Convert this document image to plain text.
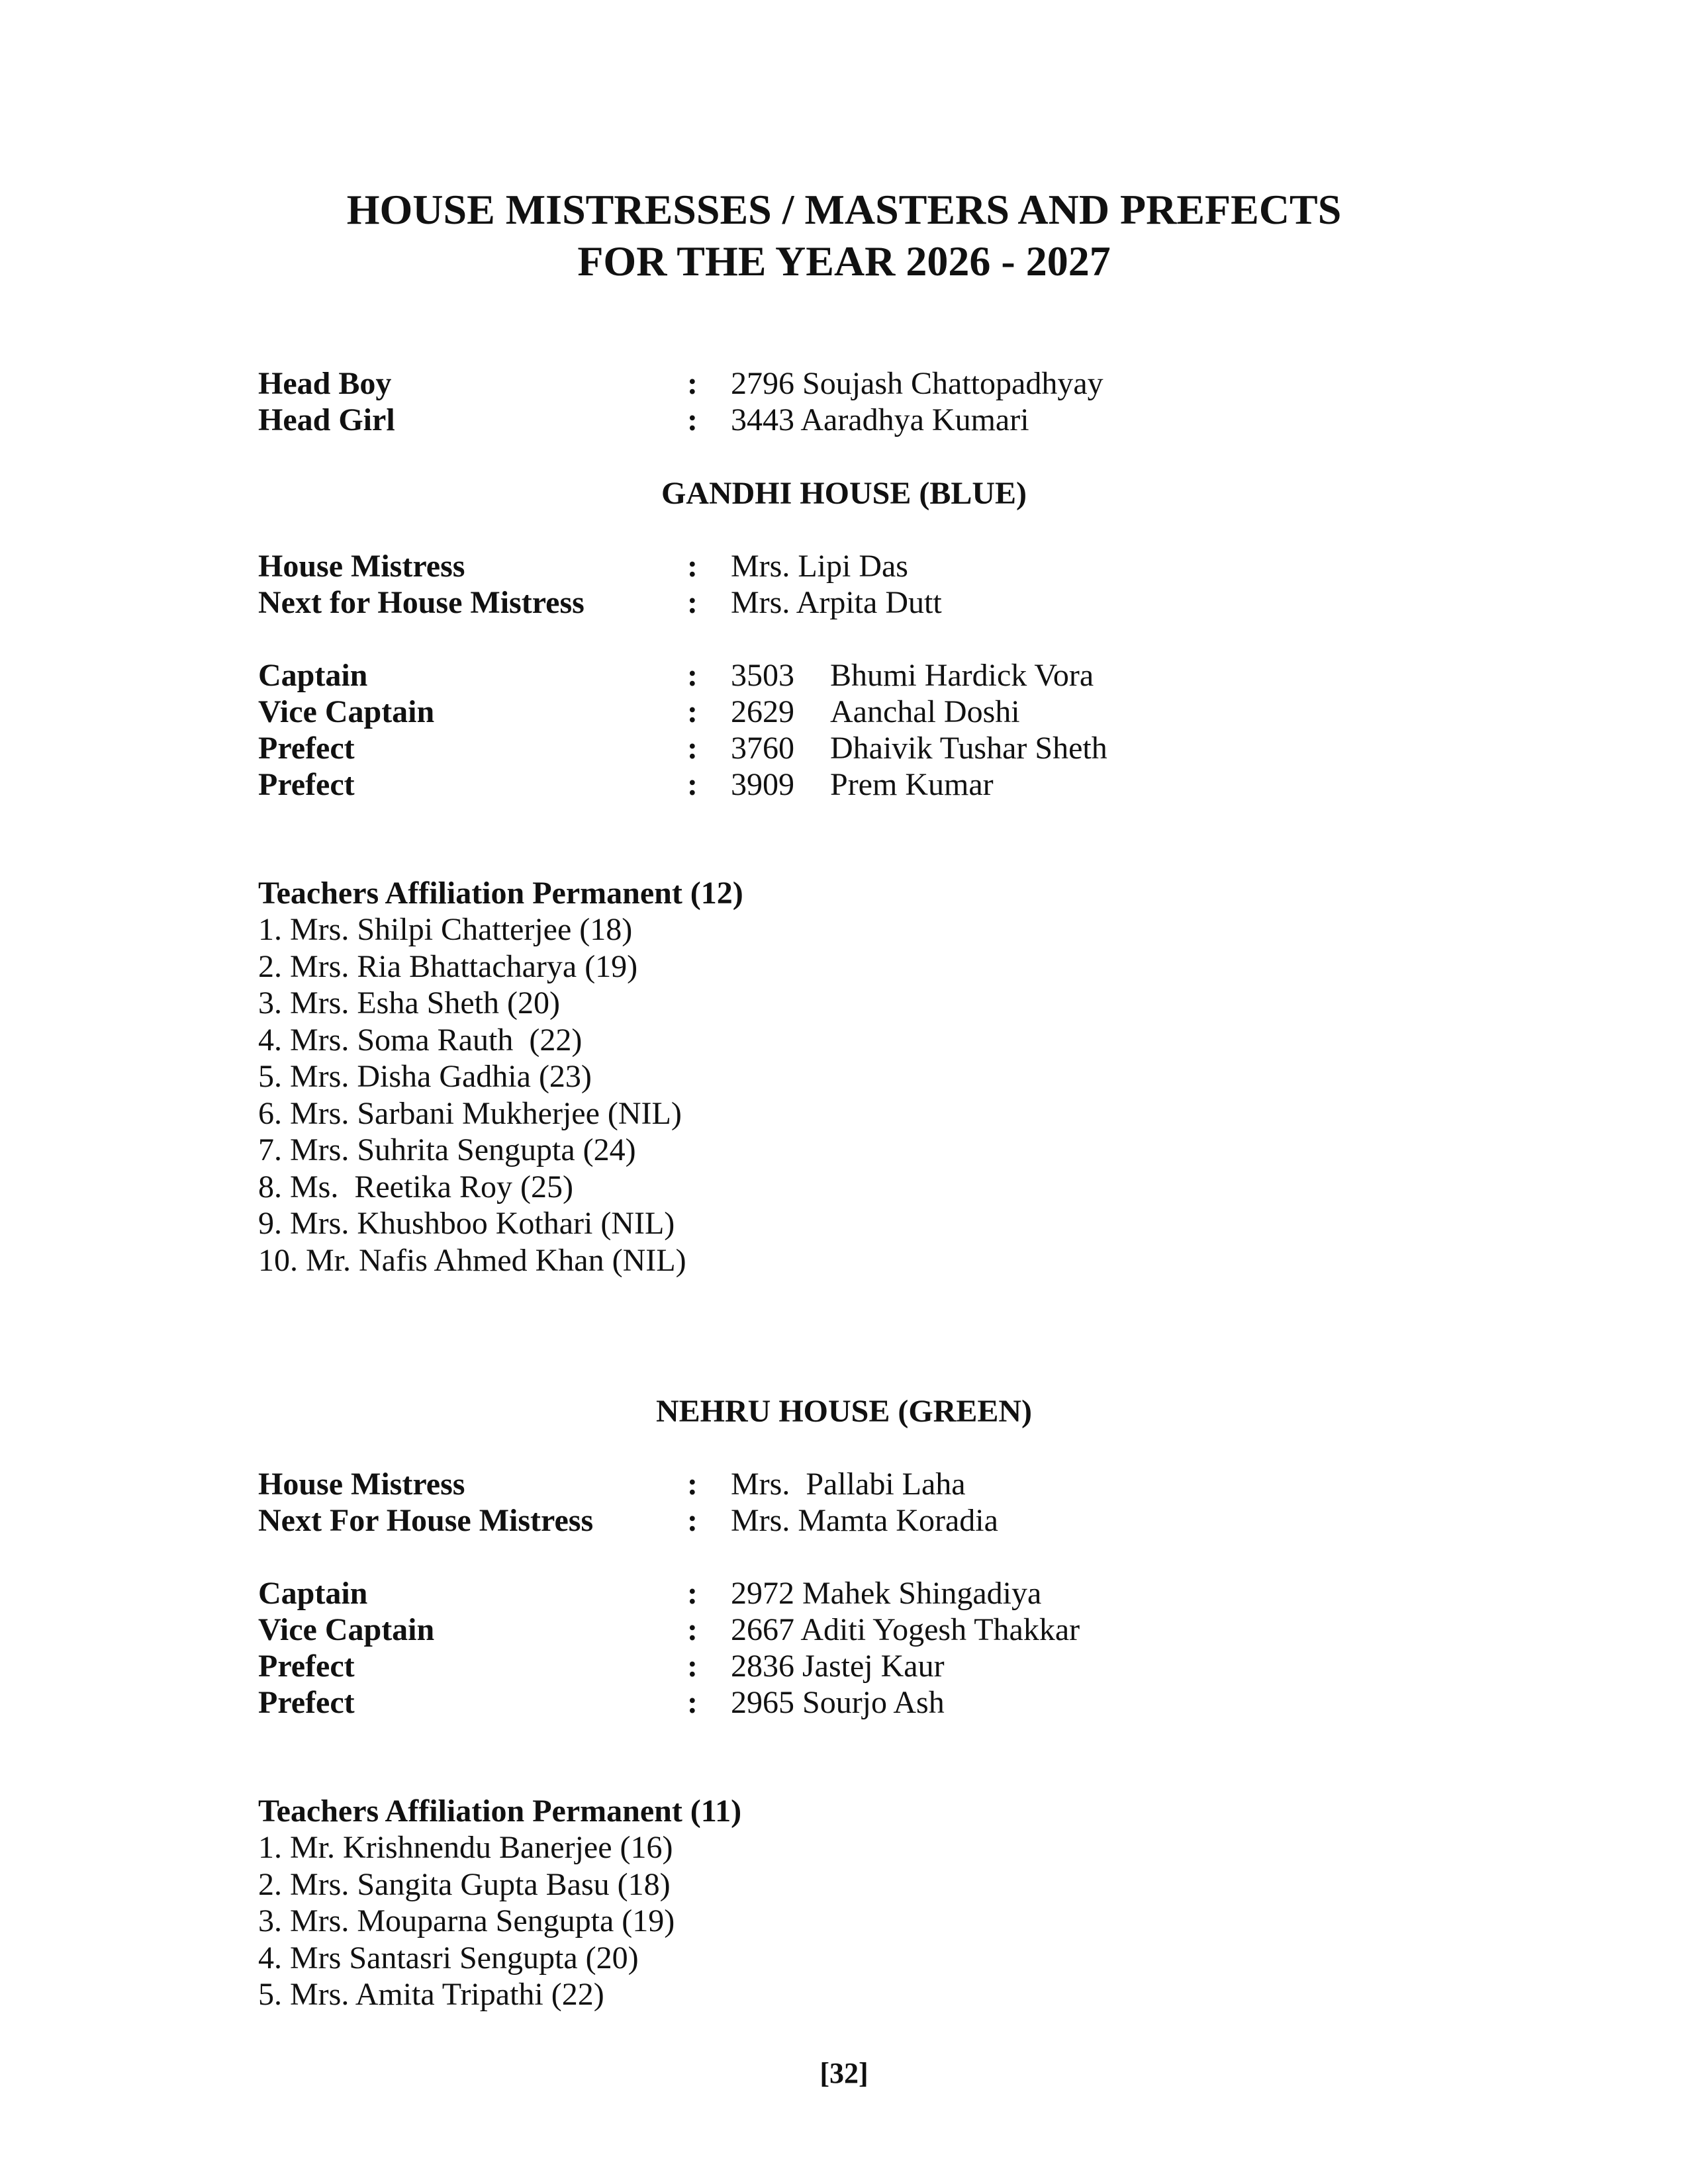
HOUSE MISTRESSES / MASTERS AND PREFECTS
FOR THE YEAR 2026 - 2027
Head Boy	: 2796 Soujash Chattopadhyay
Head Girl	: 3443 Aaradhya Kumari
GANDHI HOUSE (BLUE)
House Mistress	: Mrs. Lipi Das
Next for House Mistress	: Mrs. Arpita Dutt
Captain	: 3503 Bhumi Hardick Vora
Vice Captain	: 2629 Aanchal Doshi
Prefect	: 3760 Dhaivik Tushar Sheth
Prefect	: 3909 Prem Kumar
Teachers Affiliation Permanent (12)
1. Mrs. Shilpi Chatterjee (18)
2. Mrs. Ria Bhattacharya (19)
3. Mrs. Esha Sheth (20)
4. Mrs. Soma Rauth  (22)
5. Mrs. Disha Gadhia (23)
6. Mrs. Sarbani Mukherjee (NIL)
7. Mrs. Suhrita Sengupta (24)
8. Ms.  Reetika Roy (25)
9. Mrs. Khushboo Kothari (NIL)
10. Mr. Nafis Ahmed Khan (NIL)
NEHRU HOUSE (GREEN)
House Mistress	: Mrs.  Pallabi Laha
Next For House Mistress	: Mrs. Mamta Koradia
Captain	: 2972 Mahek Shingadiya
Vice Captain	: 2667 Aditi Yogesh Thakkar
Prefect	: 2836 Jastej Kaur
Prefect	: 2965 Sourjo Ash
Teachers Affiliation Permanent (11)
1. Mr. Krishnendu Banerjee (16)
2. Mrs. Sangita Gupta Basu (18)
3. Mrs. Mouparna Sengupta (19)
4. Mrs Santasri Sengupta (20)
5. Mrs. Amita Tripathi (22)
[32]
